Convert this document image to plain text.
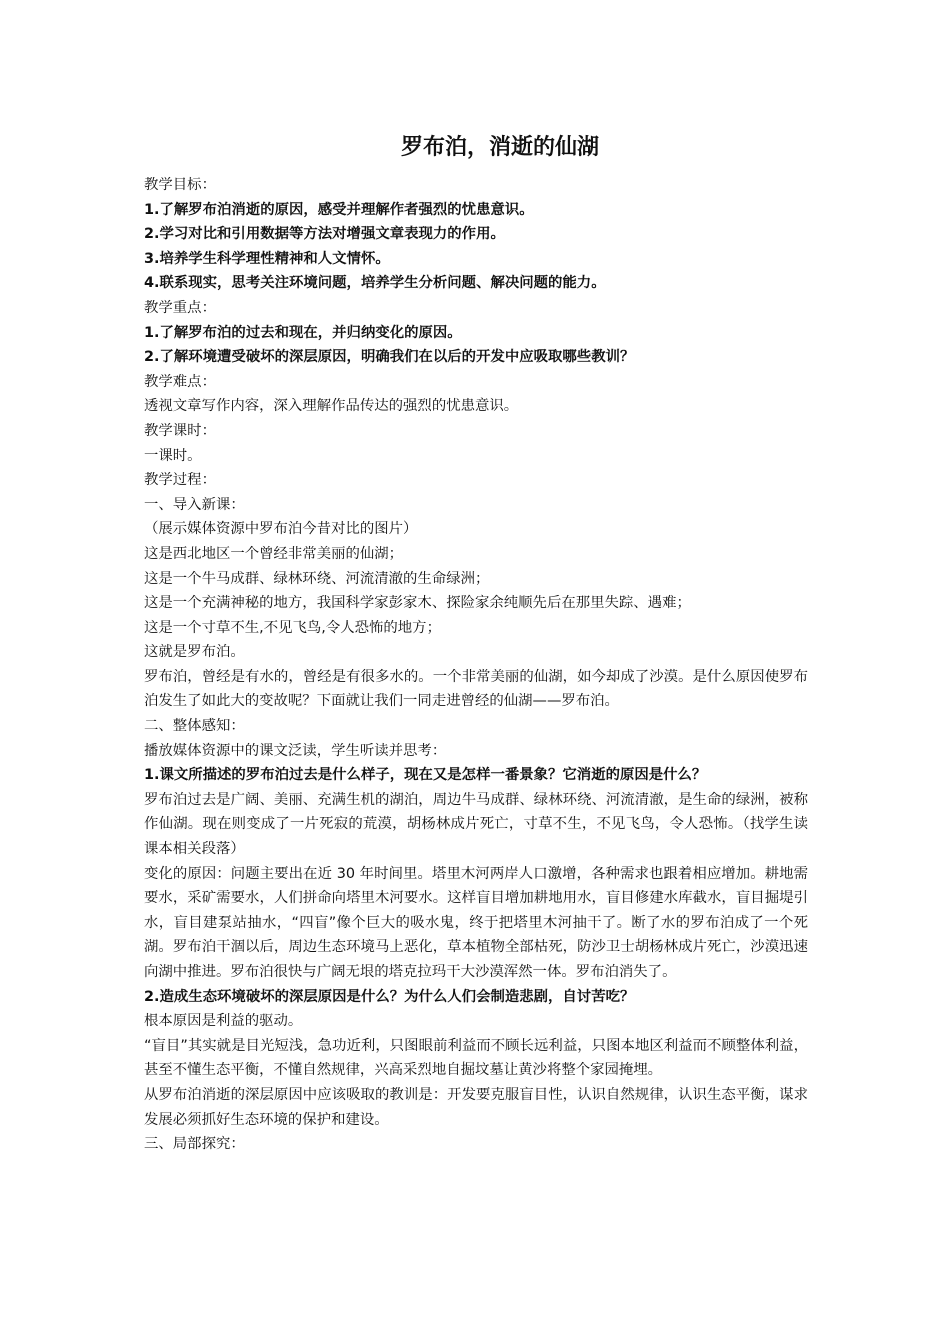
罗布泊，消逝的仙湖

教学目标：

1.了解罗布泊消逝的原因，感受并理解作者强烈的忧患意识。

2.学习对比和引用数据等方法对增强文章表现力的作用。

3.培养学生科学理性精神和人文情怀。

4.联系现实，思考关注环境问题，培养学生分析问题、解决问题的能力。

教学重点：

1.了解罗布泊的过去和现在，并归纳变化的原因。

2.了解环境遭受破坏的深层原因，明确我们在以后的开发中应吸取哪些教训？

教学难点：

透视文章写作内容，深入理解作品传达的强烈的忧患意识。

教学课时：

一课时。

教学过程：

一、导入新课：

（展示媒体资源中罗布泊今昔对比的图片）

这是西北地区一个曾经非常美丽的仙湖；

这是一个牛马成群、绿林环绕、河流清澈的生命绿洲；

这是一个充满神秘的地方，我国科学家彭家木、探险家余纯顺先后在那里失踪、遇难；

这是一个寸草不生,不见飞鸟,令人恐怖的地方；

这就是罗布泊。

罗布泊，曾经是有水的，曾经是有很多水的。一个非常美丽的仙湖，如今却成了沙漠。是什么原因使罗布泊发生了如此大的变故呢？下面就让我们一同走进曾经的仙湖——罗布泊。

二、整体感知：

播放媒体资源中的课文泛读，学生听读并思考：

1.课文所描述的罗布泊过去是什么样子，现在又是怎样一番景象？它消逝的原因是什么？

罗布泊过去是广阔、美丽、充满生机的湖泊，周边牛马成群、绿林环绕、河流清澈，是生命的绿洲，被称作仙湖。现在则变成了一片死寂的荒漠，胡杨林成片死亡，寸草不生，不见飞鸟，令人恐怖。（找学生读课本相关段落）

变化的原因：问题主要出在近 30 年时间里。塔里木河两岸人口激增，各种需求也跟着相应增加。耕地需要水，采矿需要水，人们拼命向塔里木河要水。这样盲目增加耕地用水，盲目修建水库截水，盲目掘堤引水，盲目建泵站抽水，“四盲”像个巨大的吸水鬼，终于把塔里木河抽干了。断了水的罗布泊成了一个死湖。罗布泊干涸以后，周边生态环境马上恶化，草本植物全部枯死，防沙卫士胡杨林成片死亡，沙漠迅速向湖中推进。罗布泊很快与广阔无垠的塔克拉玛干大沙漠浑然一体。罗布泊消失了。

2.造成生态环境破坏的深层原因是什么？为什么人们会制造悲剧，自讨苦吃？

根本原因是利益的驱动。

“盲目”其实就是目光短浅，急功近利，只图眼前利益而不顾长远利益，只图本地区利益而不顾整体利益，甚至不懂生态平衡，不懂自然规律，兴高采烈地自掘坟墓让黄沙将整个家园掩埋。

从罗布泊消逝的深层原因中应该吸取的教训是：开发要克服盲目性，认识自然规律，认识生态平衡，谋求发展必须抓好生态环境的保护和建设。

三、局部探究：
